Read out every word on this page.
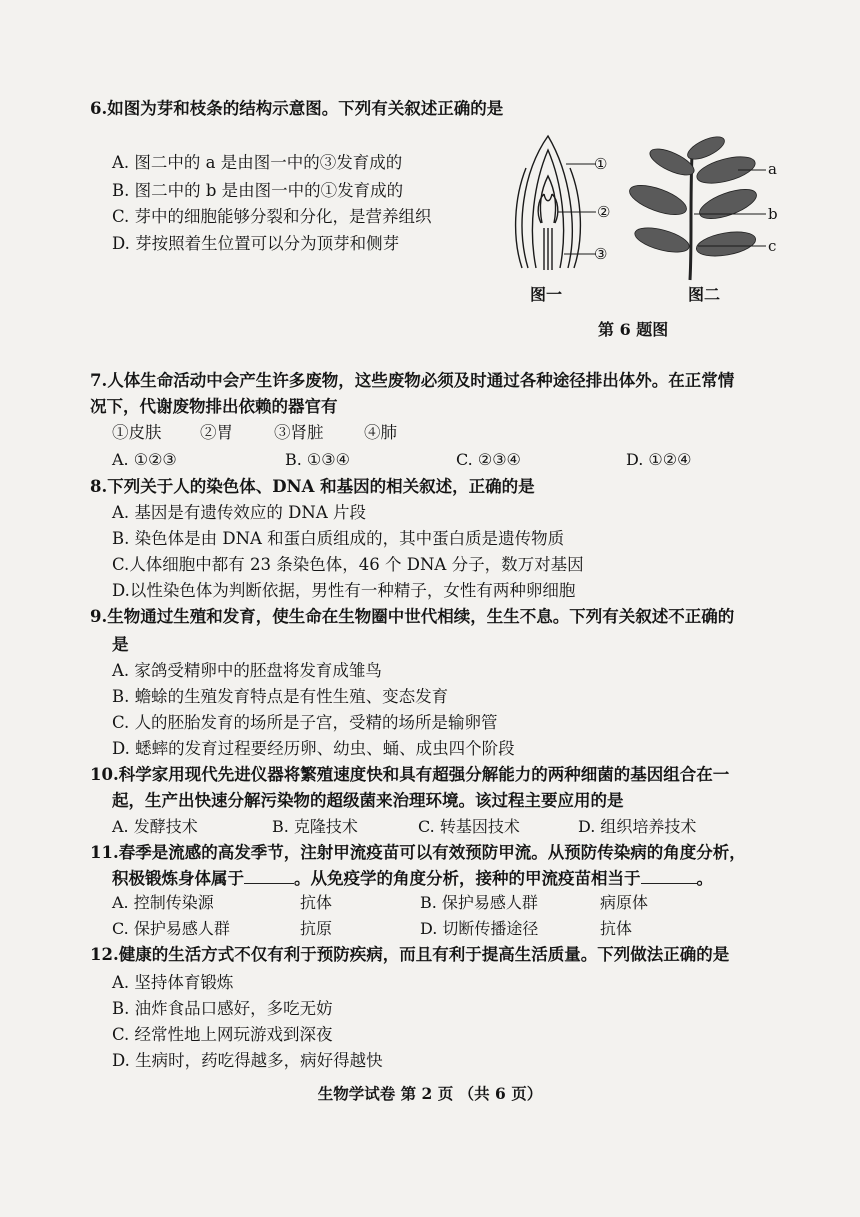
6.如图为芽和枝条的结构示意图。下列有关叙述正确的是
A. 图二中的 a 是由图一中的③发育成的
B. 图二中的 b 是由图一中的①发育成的
C. 芽中的细胞能够分裂和分化，是营养组织
D. 芽按照着生位置可以分为顶芽和侧芽
①
②
③
a
b
c
图一	图二
第 6 题图
7.人体生命活动中会产生许多废物，这些废物必须及时通过各种途径排出体外。在正常情
况下，代谢废物排出依赖的器官有
①皮肤 ②胃 ③肾脏 ④肺
A. ①②③	B. ①③④	C. ②③④	D. ①②④
8.下列关于人的染色体、DNA 和基因的相关叙述，正确的是
A. 基因是有遗传效应的 DNA 片段
B. 染色体是由 DNA 和蛋白质组成的，其中蛋白质是遗传物质
C.人体细胞中都有 23 条染色体，46 个 DNA 分子，数万对基因
D.以性染色体为判断依据，男性有一种精子，女性有两种卵细胞
9.生物通过生殖和发育，使生命在生物圈中世代相续，生生不息。下列有关叙述不正确的
是
A. 家鸽受精卵中的胚盘将发育成雏鸟
B. 蟾蜍的生殖发育特点是有性生殖、变态发育
C. 人的胚胎发育的场所是子宫，受精的场所是输卵管
D. 蟋蟀的发育过程要经历卵、幼虫、蛹、成虫四个阶段
10.科学家用现代先进仪器将繁殖速度快和具有超强分解能力的两种细菌的基因组合在一
起，生产出快速分解污染物的超级菌来治理环境。该过程主要应用的是
A. 发酵技术	B. 克隆技术	C. 转基因技术	D. 组织培养技术
11.春季是流感的高发季节，注射甲流疫苗可以有效预防甲流。从预防传染病的角度分析，
积极锻炼身体属于	。从免疫学的角度分析，接种的甲流疫苗相当于	。
A. 控制传染源	抗体	B. 保护易感人群	病原体
C. 保护易感人群	抗原	D. 切断传播途径	抗体
12.健康的生活方式不仅有利于预防疾病，而且有利于提高生活质量。下列做法正确的是
A. 坚持体育锻炼
B. 油炸食品口感好，多吃无妨
C. 经常性地上网玩游戏到深夜
D. 生病时，药吃得越多，病好得越快
生物学试卷 第 2 页 （共 6 页）
